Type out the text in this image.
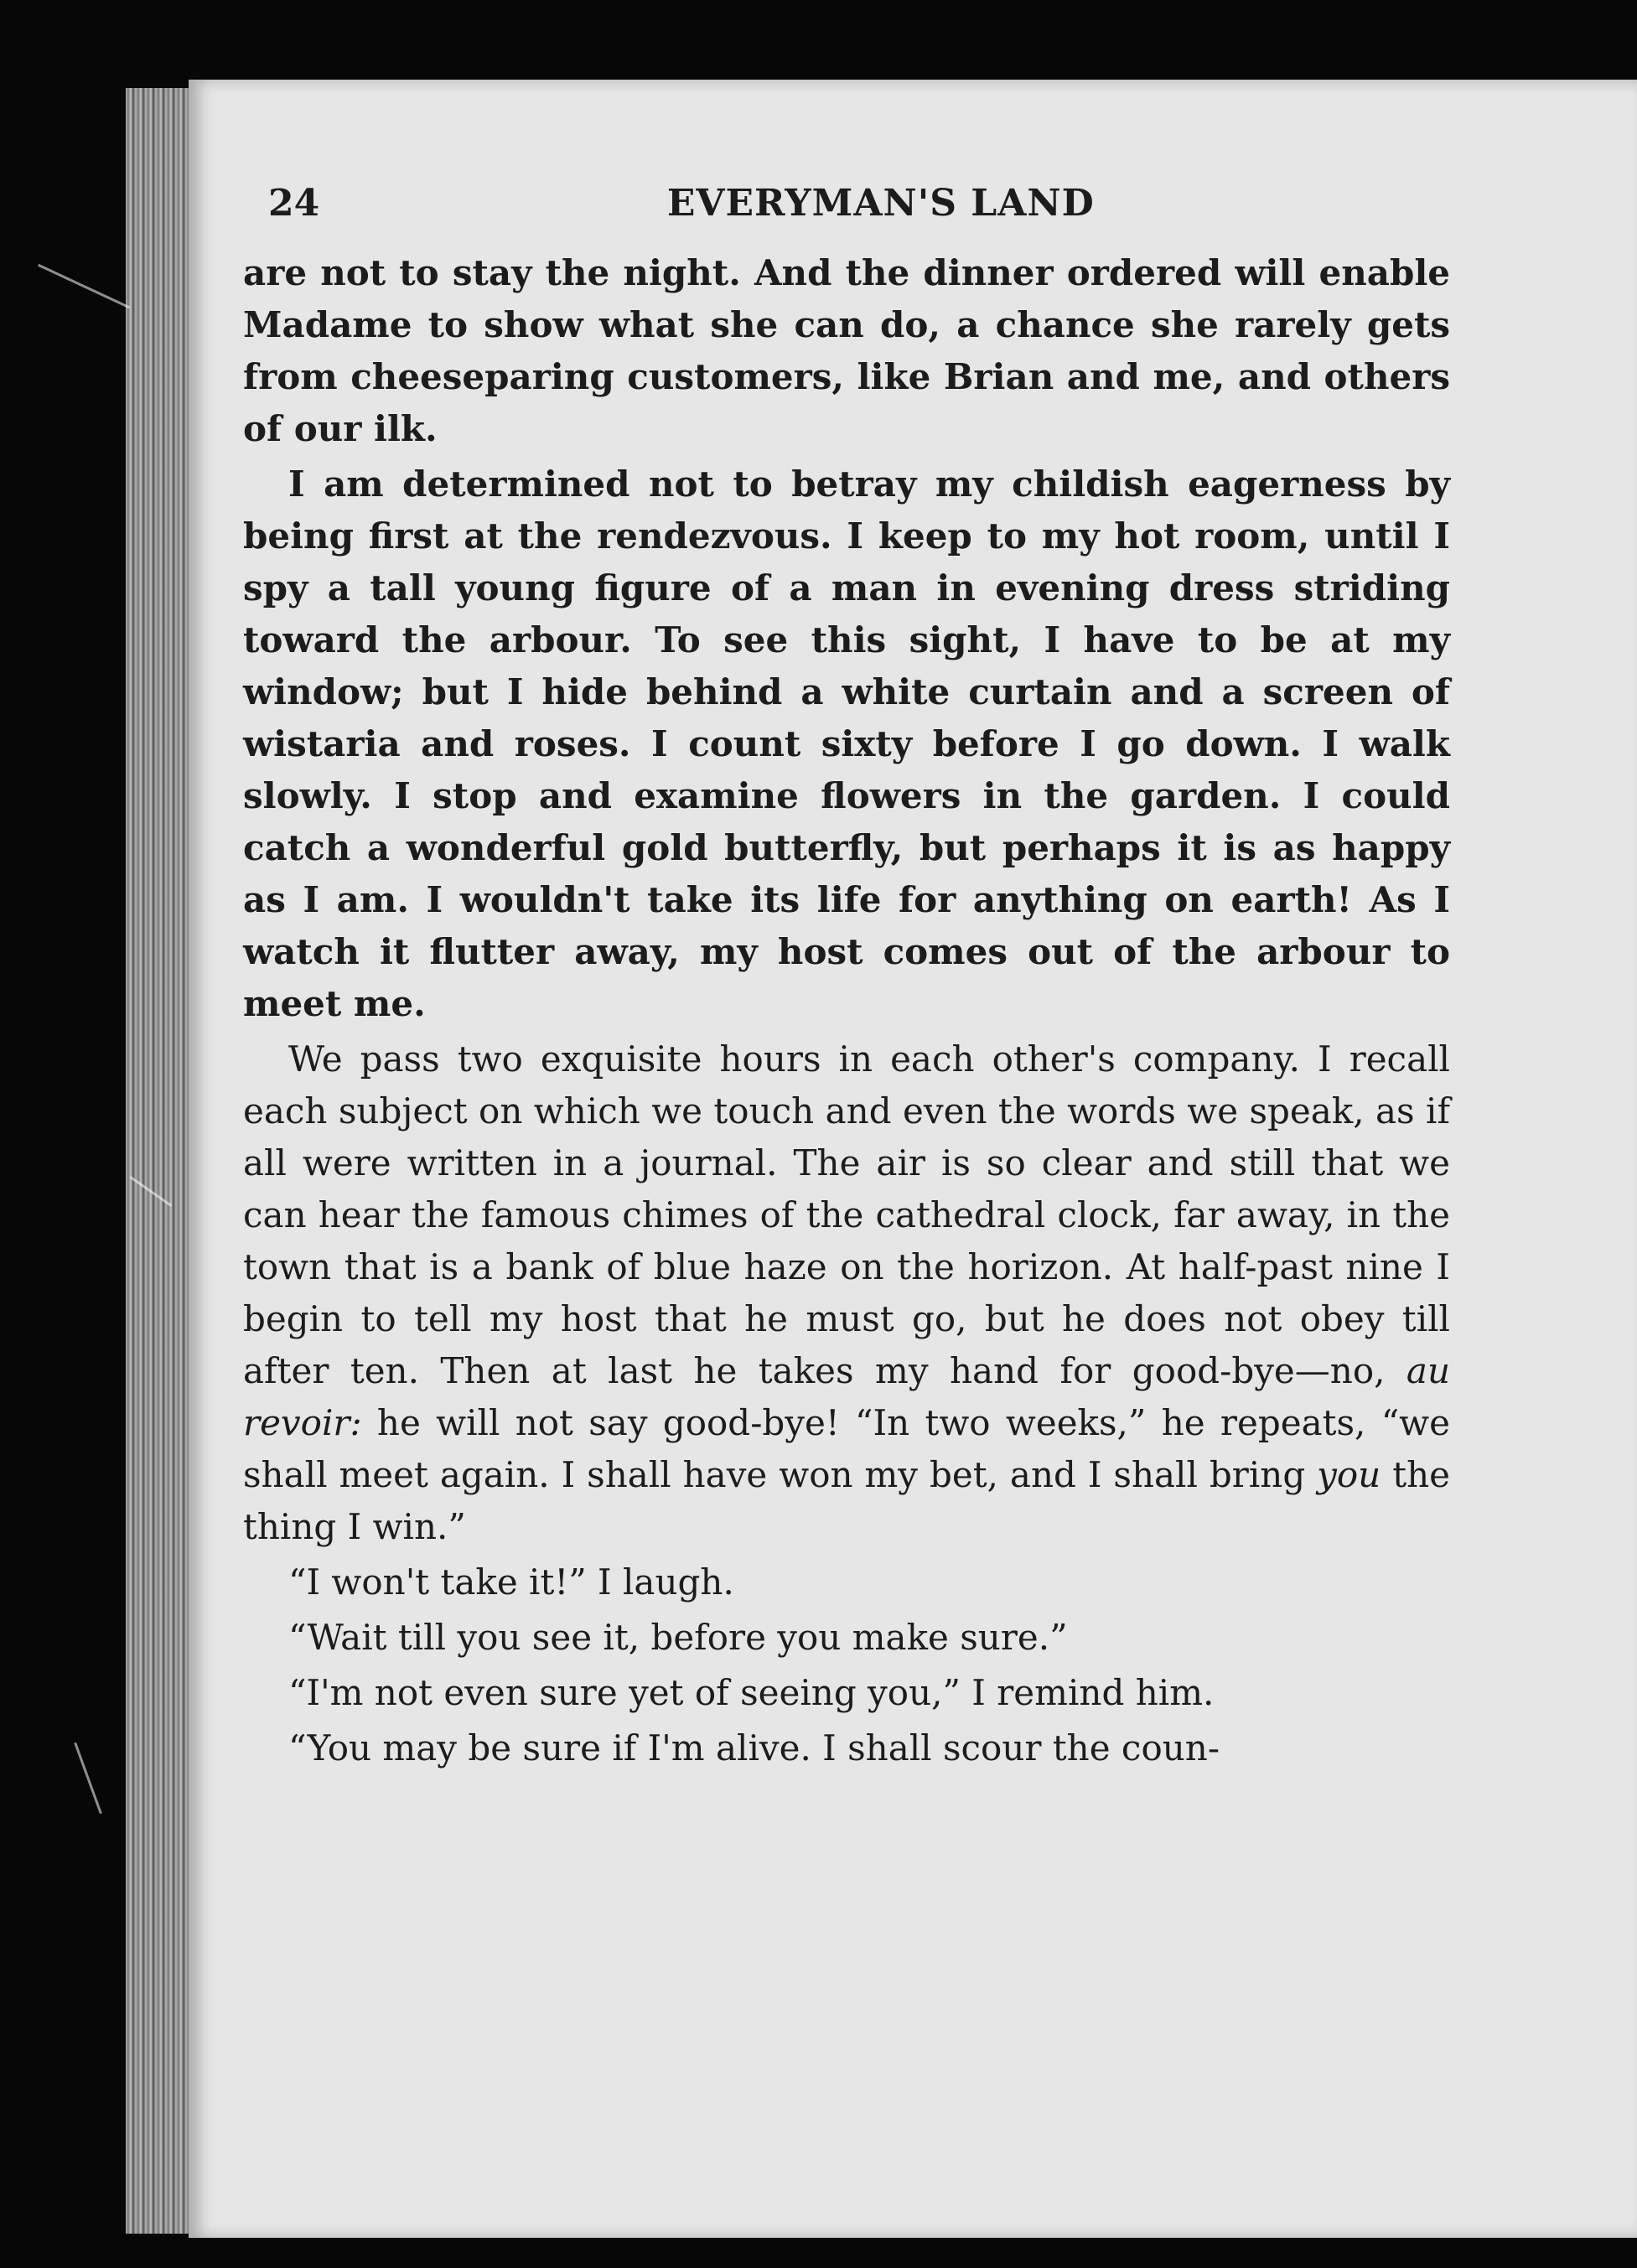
24	EVERYMAN'S LAND

are not to stay the night. And the dinner ordered will enable Madame to show what she can do, a chance she rarely gets from cheeseparing customers, like Brian and me, and others of our ilk.

I am determined not to betray my childish eagerness by being first at the rendezvous. I keep to my hot room, until I spy a tall young figure of a man in evening dress striding toward the arbour. To see this sight, I have to be at my window; but I hide behind a white curtain and a screen of wistaria and roses. I count sixty before I go down. I walk slowly. I stop and examine flowers in the garden. I could catch a wonderful gold butterfly, but perhaps it is as happy as I am. I wouldn't take its life for anything on earth! As I watch it flutter away, my host comes out of the arbour to meet me.

We pass two exquisite hours in each other's company. I recall each subject on which we touch and even the words we speak, as if all were written in a journal. The air is so clear and still that we can hear the famous chimes of the cathedral clock, far away, in the town that is a bank of blue haze on the horizon. At half-past nine I begin to tell my host that he must go, but he does not obey till after ten. Then at last he takes my hand for good-bye—no, au revoir: he will not say good-bye! “In two weeks,” he repeats, “we shall meet again. I shall have won my bet, and I shall bring you the thing I win.”

“I won't take it!” I laugh.

“Wait till you see it, before you make sure.”

“I'm not even sure yet of seeing you,” I remind him.

“You may be sure if I'm alive. I shall scour the coun-
